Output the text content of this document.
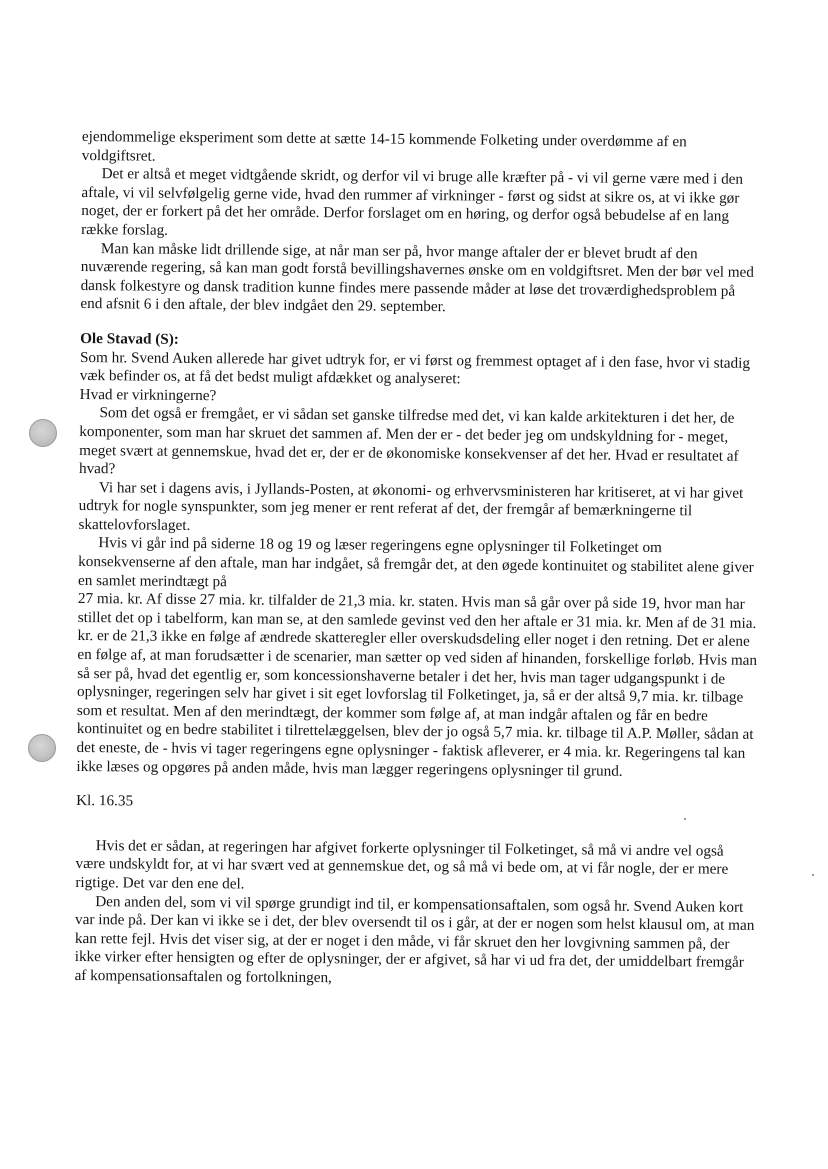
ejendommelige eksperiment som dette at sætte 14-15 kommende Folketing under overdømme af en voldgiftsret.

Det er altså et meget vidtgående skridt, og derfor vil vi bruge alle kræfter på - vi vil gerne være med i den aftale, vi vil selvfølgelig gerne vide, hvad den rummer af virkninger - først og sidst at sikre os, at vi ikke gør noget, der er forkert på det her område. Derfor forslaget om en høring, og derfor også bebudelse af en lang række forslag.

Man kan måske lidt drillende sige, at når man ser på, hvor mange aftaler der er blevet brudt af den nuværende regering, så kan man godt forstå bevillingshavernes ønske om en voldgiftsret. Men der bør vel med dansk folkestyre og dansk tradition kunne findes mere passende måder at løse det troværdighedsproblem på end afsnit 6 i den aftale, der blev indgået den 29. september.

Ole Stavad (S):

Som hr. Svend Auken allerede har givet udtryk for, er vi først og fremmest optaget af i den fase, hvor vi stadig væk befinder os, at få det bedst muligt afdækket og analyseret:

Hvad er virkningerne?

Som det også er fremgået, er vi sådan set ganske tilfredse med det, vi kan kalde arkitekturen i det her, de komponenter, som man har skruet det sammen af. Men der er - det beder jeg om undskyldning for - meget, meget svært at gennemskue, hvad det er, der er de økonomiske konsekvenser af det her. Hvad er resultatet af hvad?

Vi har set i dagens avis, i Jyllands-Posten, at økonomi- og erhvervsministeren har kritiseret, at vi har givet udtryk for nogle synspunkter, som jeg mener er rent referat af det, der fremgår af bemærkningerne til skattelovforslaget.

Hvis vi går ind på siderne 18 og 19 og læser regeringens egne oplysninger til Folketinget om konsekvenserne af den aftale, man har indgået, så fremgår det, at den øgede kontinuitet og stabilitet alene giver en samlet merindtægt på

27 mia. kr. Af disse 27 mia. kr. tilfalder de 21,3 mia. kr. staten. Hvis man så går over på side 19, hvor man har stillet det op i tabelform, kan man se, at den samlede gevinst ved den her aftale er 31 mia. kr. Men af de 31 mia. kr. er de 21,3 ikke en følge af ændrede skatteregler eller overskudsdeling eller noget i den retning. Det er alene en følge af, at man forudsætter i de scenarier, man sætter op ved siden af hinanden, forskellige forløb. Hvis man så ser på, hvad det egentlig er, som koncessionshaverne betaler i det her, hvis man tager udgangspunkt i de oplysninger, regeringen selv har givet i sit eget lovforslag til Folketinget, ja, så er der altså 9,7 mia. kr. tilbage som et resultat. Men af den merindtægt, der kommer som følge af, at man indgår aftalen og får en bedre kontinuitet og en bedre stabilitet i tilrettelæggelsen, blev der jo også 5,7 mia. kr. tilbage til A.P. Møller, sådan at det eneste, de - hvis vi tager regeringens egne oplysninger - faktisk afleverer, er 4 mia. kr. Regeringens tal kan ikke læses og opgøres på anden måde, hvis man lægger regeringens oplysninger til grund.

Kl. 16.35

Hvis det er sådan, at regeringen har afgivet forkerte oplysninger til Folketinget, så må vi andre vel også være undskyldt for, at vi har svært ved at gennemskue det, og så må vi bede om, at vi får nogle, der er mere rigtige. Det var den ene del.

Den anden del, som vi vil spørge grundigt ind til, er kompensationsaftalen, som også hr. Svend Auken kort var inde på. Der kan vi ikke se i det, der blev oversendt til os i går, at der er nogen som helst klausul om, at man kan rette fejl. Hvis det viser sig, at der er noget i den måde, vi får skruet den her lovgivning sammen på, der ikke virker efter hensigten og efter de oplysninger, der er afgivet, så har vi ud fra det, der umiddelbart fremgår af kompensationsaftalen og fortolkningen,
